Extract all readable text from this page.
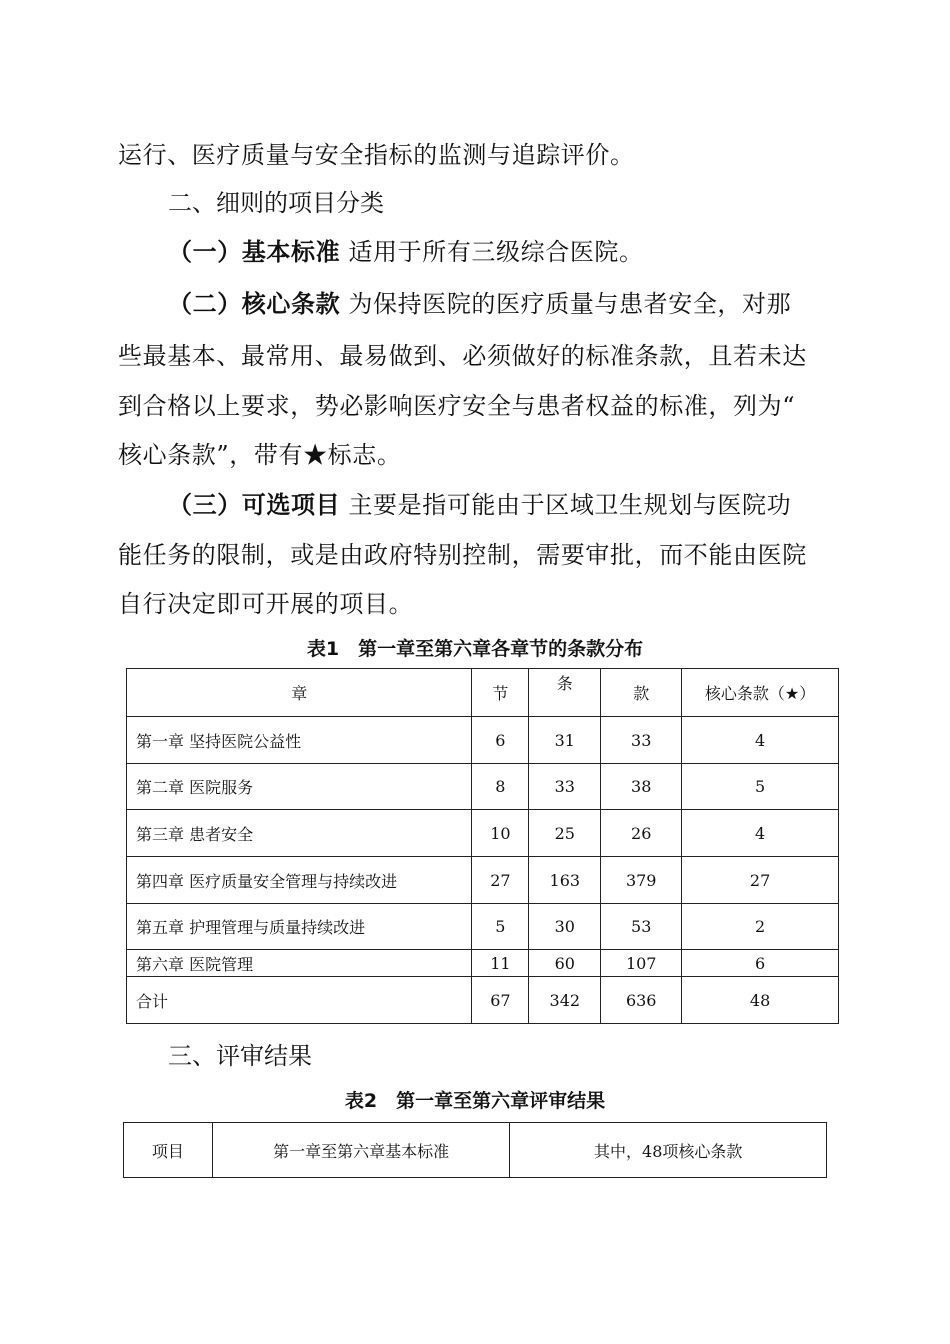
运行、医疗质量与安全指标的监测与追踪评价。
二、细则的项目分类
（一）基本标准 适用于所有三级综合医院。
（二）核心条款 为保持医院的医疗质量与患者安全，对那
些最基本、最常用、最易做到、必须做好的标准条款，且若未达
到合格以上要求，势必影响医疗安全与患者权益的标准，列为“
核心条款”，带有★标志。
（三）可选项目 主要是指可能由于区域卫生规划与医院功
能任务的限制，或是由政府特别控制，需要审批，而不能由医院
自行决定即可开展的项目。
表1　第一章至第六章各章节的条款分布
章	节	条	款	核心条款（★）
第一章 坚持医院公益性	6	31	33	4
第二章 医院服务	8	33	38	5
第三章 患者安全	10	25	26	4
第四章 医疗质量安全管理与持续改进	27	163	379	27
第五章 护理管理与质量持续改进	5	30	53	2
第六章 医院管理	11	60	107	6
合计	67	342	636	48
三、评审结果
表2　第一章至第六章评审结果
项目	第一章至第六章基本标准	其中，48项核心条款
